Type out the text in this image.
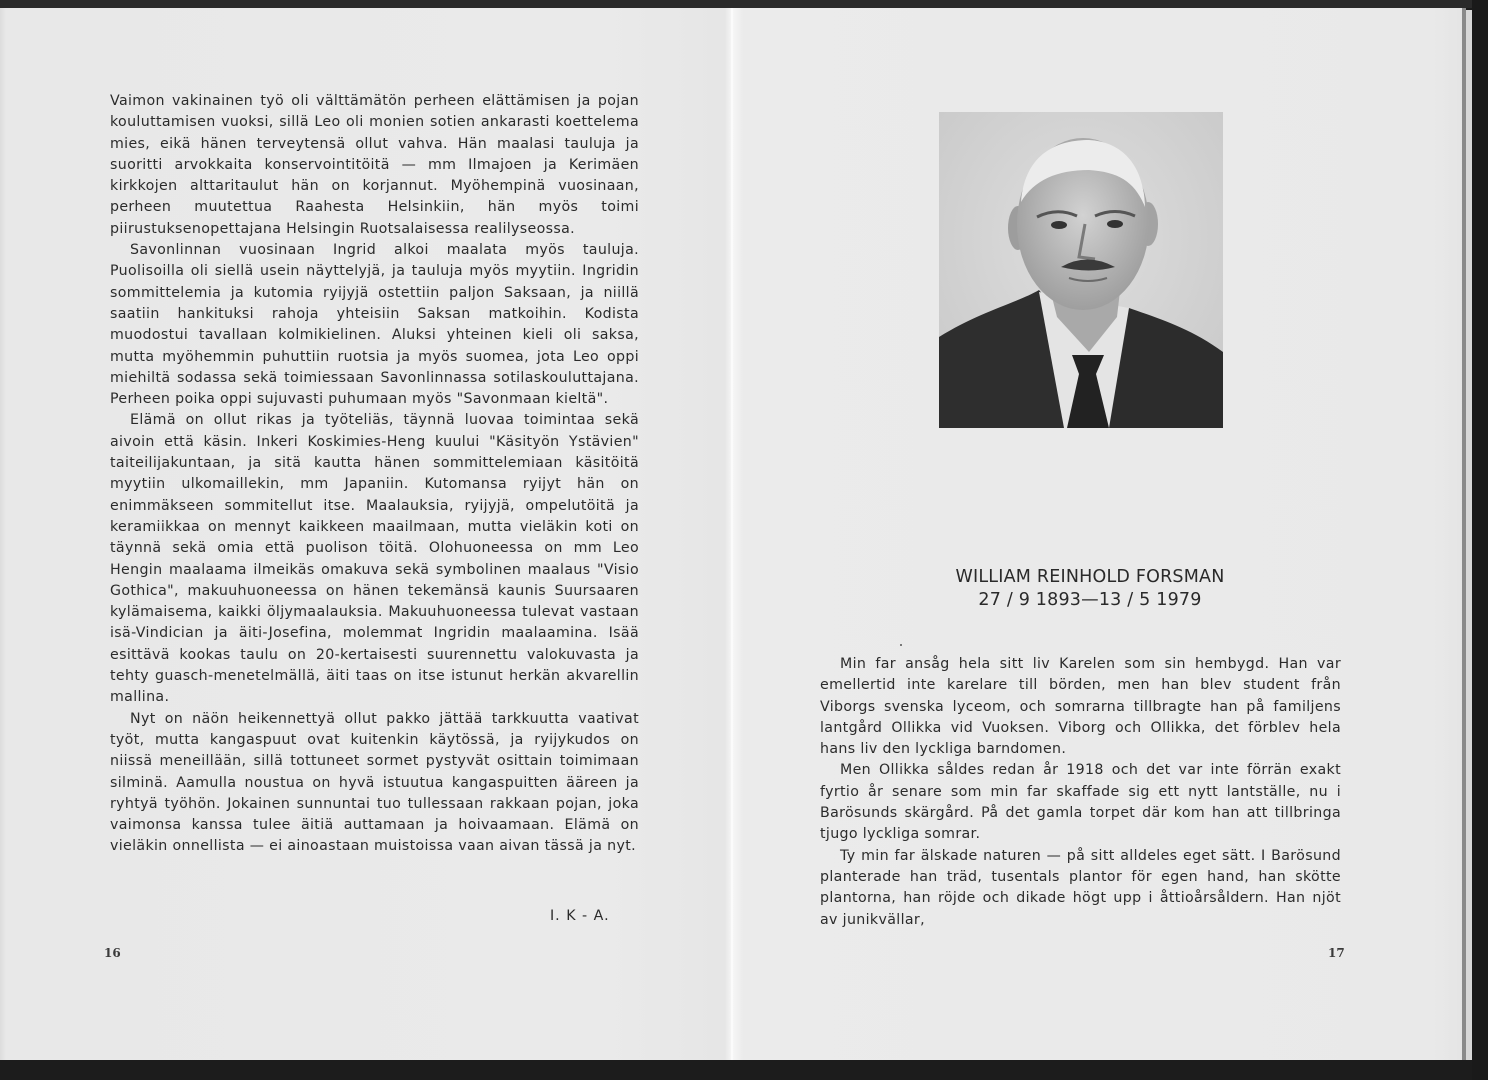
Vaimon vakinainen työ oli välttämätön perheen elättämisen ja pojan kouluttamisen vuoksi, sillä Leo oli monien sotien ankarasti koettelema mies, eikä hänen terveytensä ollut vahva. Hän maalasi tauluja ja suoritti arvokkaita konservointitöitä — mm Ilmajoen ja Kerimäen kirkkojen alttaritaulut hän on korjannut. Myöhempinä vuosinaan, perheen muutettua Raahesta Helsinkiin, hän myös toimi piirustuksenopettajana Helsingin Ruotsalaisessa realilyseossa.

Savonlinnan vuosinaan Ingrid alkoi maalata myös tauluja. Puolisoilla oli siellä usein näyttelyjä, ja tauluja myös myytiin. Ingridin sommittelemia ja kutomia ryijyjä ostettiin paljon Saksaan, ja niillä saatiin hankituksi rahoja yhteisiin Saksan matkoihin. Kodista muodostui tavallaan kolmikielinen. Aluksi yhteinen kieli oli saksa, mutta myöhemmin puhuttiin ruotsia ja myös suomea, jota Leo oppi miehiltä sodassa sekä toimiessaan Savonlinnassa sotilaskouluttajana. Perheen poika oppi sujuvasti puhumaan myös "Savonmaan kieltä".

Elämä on ollut rikas ja työteliäs, täynnä luovaa toimintaa sekä aivoin että käsin. Inkeri Koskimies-Heng kuului "Käsityön Ystävien" taiteilijakuntaan, ja sitä kautta hänen sommittelemiaan käsitöitä myytiin ulkomaillekin, mm Japaniin. Kutomansa ryijyt hän on enimmäkseen sommitellut itse. Maalauksia, ryijyjä, ompelutöitä ja keramiikkaa on mennyt kaikkeen maailmaan, mutta vieläkin koti on täynnä sekä omia että puolison töitä. Olohuoneessa on mm Leo Hengin maalaama ilmeikäs omakuva sekä symbolinen maalaus "Visio Gothica", makuuhuoneessa on hänen tekemänsä kaunis Suursaaren kylämaisema, kaikki öljymaalauksia. Makuuhuoneessa tulevat vastaan isä-Vindician ja äiti-Josefina, molemmat Ingridin maalaamina. Isää esittävä kookas taulu on 20-kertaisesti suurennettu valokuvasta ja tehty guasch-menetelmällä, äiti taas on itse istunut herkän akvarellin mallina.

Nyt on näön heikennettyä ollut pakko jättää tarkkuutta vaativat työt, mutta kangaspuut ovat kuitenkin käytössä, ja ryijykudos on niissä meneillään, sillä tottuneet sormet pystyvät osittain toimimaan silminä. Aamulla noustua on hyvä istuutua kangaspuitten ääreen ja ryhtyä työhön. Jokainen sunnuntai tuo tullessaan rakkaan pojan, joka vaimonsa kanssa tulee äitiä auttamaan ja hoivaamaan. Elämä on vieläkin onnellista — ei ainoastaan muistoissa vaan aivan tässä ja nyt.

I. K - A.
16
WILLIAM REINHOLD FORSMAN
27 / 9 1893—13 / 5 1979

Min far ansåg hela sitt liv Karelen som sin hembygd. Han var emellertid inte karelare till börden, men han blev student från Viborgs svenska lyceom, och somrarna tillbragte han på familjens lantgård Ollikka vid Vuoksen. Viborg och Ollikka, det förblev hela hans liv den lyckliga barndomen.

Men Ollikka såldes redan år 1918 och det var inte förrän exakt fyrtio år senare som min far skaffade sig ett nytt lantställe, nu i Barösunds skärgård. På det gamla torpet där kom han att tillbringa tjugo lyckliga somrar.

Ty min far älskade naturen — på sitt alldeles eget sätt. I Barösund planterade han träd, tusentals plantor för egen hand, han skötte plantorna, han röjde och dikade högt upp i åttioårsåldern. Han njöt av junikvällar,

17
